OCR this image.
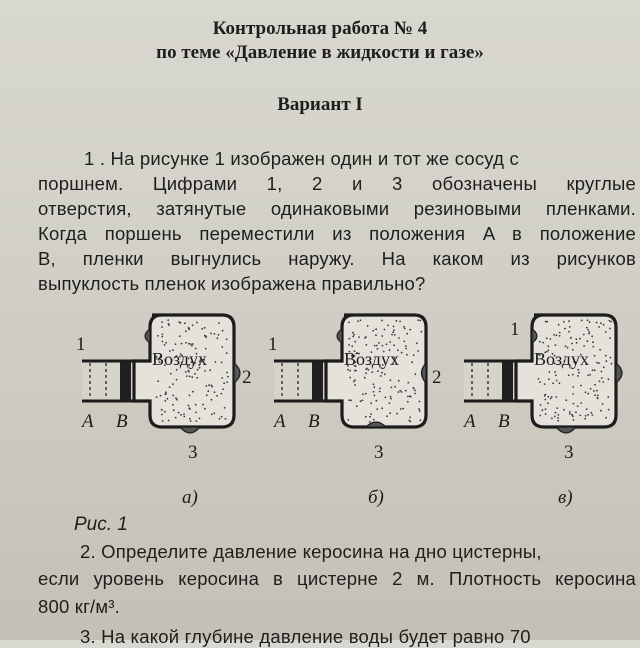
Контрольная работа № 4
по теме «Давление в жидкости и газе»
Вариант I
1 . На рисунке 1 изображен один и тот же сосуд с
поршнем. Цифрами 1, 2 и 3 обозначены круглые
отверстия, затянутые одинаковыми резиновыми пленками.
Когда поршень переместили из положения A в положение
B, пленки выгнулись наружу. На каком из рисунков
выпуклость пленок изображена правильно?
1
2
3
A B
Воздух
а)
1
2
3
A B
Воздух
б)
1
3
A B
Воздух
в)
Рис. 1
2. Определите давление керосина на дно цистерны,
если уровень керосина в цистерне 2 м. Плотность керосина
800 кг/м³.
3. На какой глубине давление воды будет равно 70
